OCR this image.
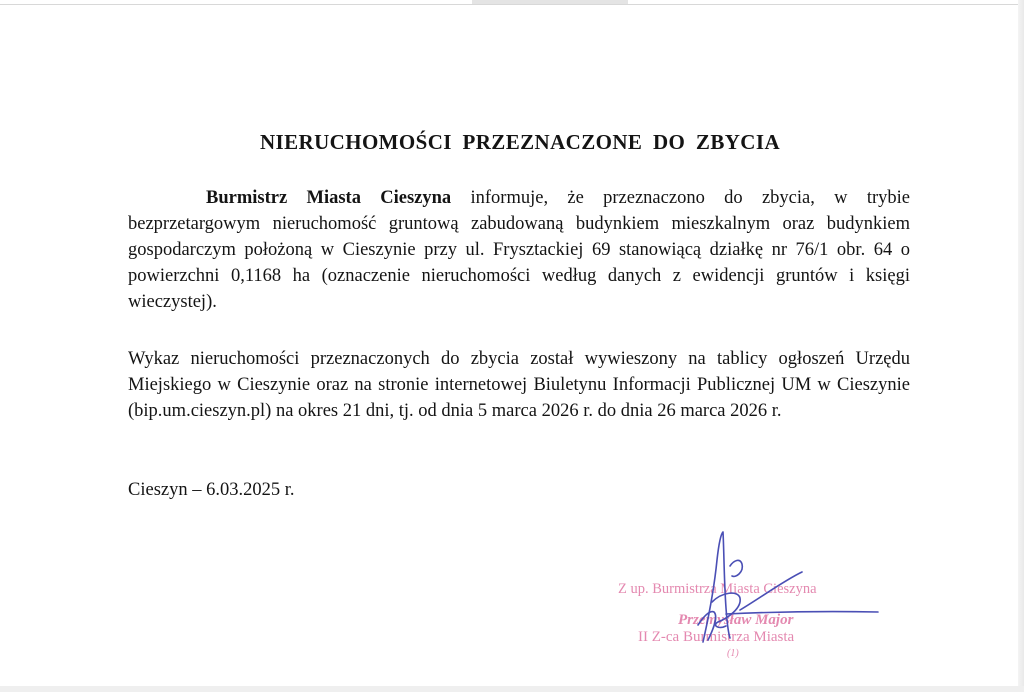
NIERUCHOMOŚCI PRZEZNACZONE DO ZBYCIA

Burmistrz Miasta Cieszyna informuje, że przeznaczono do zbycia, w trybie bezprzetargowym nieruchomość gruntową zabudowaną budynkiem mieszkalnym oraz budynkiem gospodarczym położoną w Cieszynie przy ul. Frysztackiej 69 stanowiącą działkę nr 76/1 obr. 64 o powierzchni 0,1168 ha (oznaczenie nieruchomości według danych z ewidencji gruntów i księgi wieczystej).

Wykaz nieruchomości przeznaczonych do zbycia został wywieszony na tablicy ogłoszeń Urzędu Miejskiego w Cieszynie oraz na stronie internetowej Biuletynu Informacji Publicznej UM w Cieszynie (bip.um.cieszyn.pl) na okres 21 dni, tj. od dnia 5 marca 2026 r. do dnia 26 marca 2026 r.

Cieszyn – 6.03.2025 r.

Z up. Burmistrza Miasta Cieszyna

Przemysław Major

II Z-ca Burmistrza Miasta

(1)
